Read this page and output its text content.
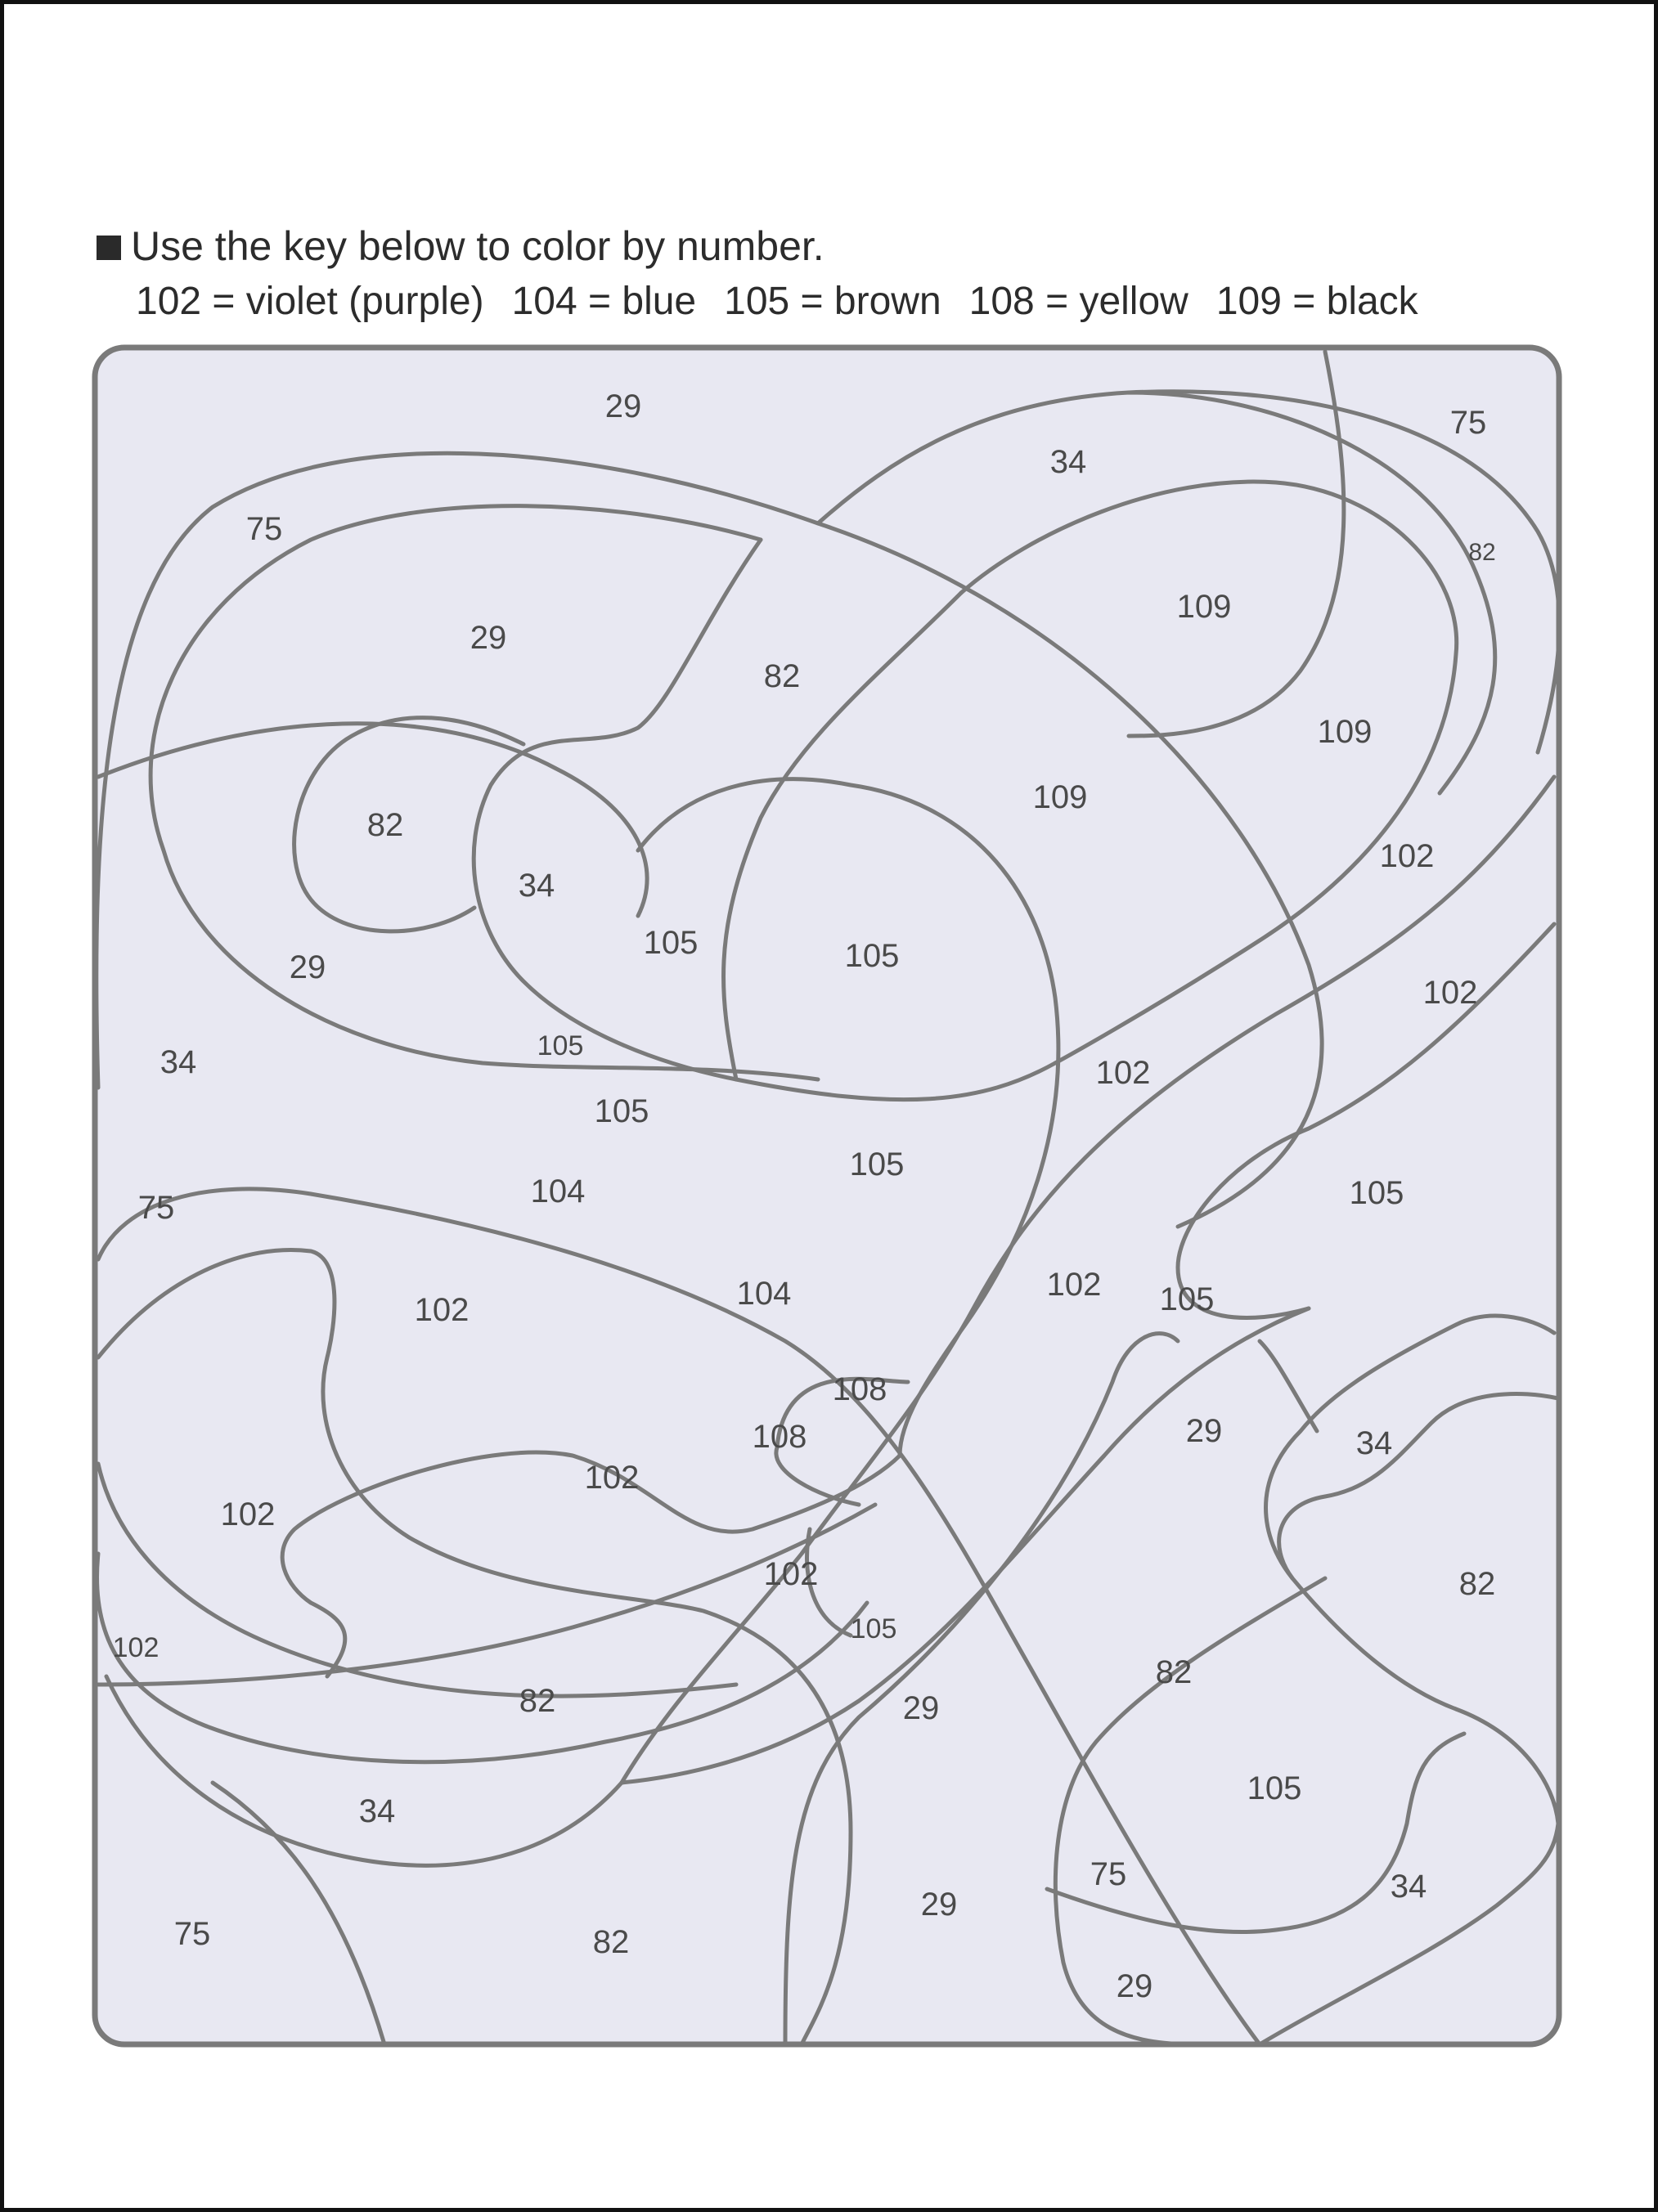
Use the key below to color by number.
102 = violet (purple) 104 = blue 105 = brown 108 = yellow 109 = black
29	75
34
75
82
109
29
82
109
82
109
102
34
29
105	105
102
34	105
102
105
104
105
75	105
102	104	102 105
108
108	29	34
102
102
102	82
105
102
82
82
29
105
34
75	34
29
75	82
29
